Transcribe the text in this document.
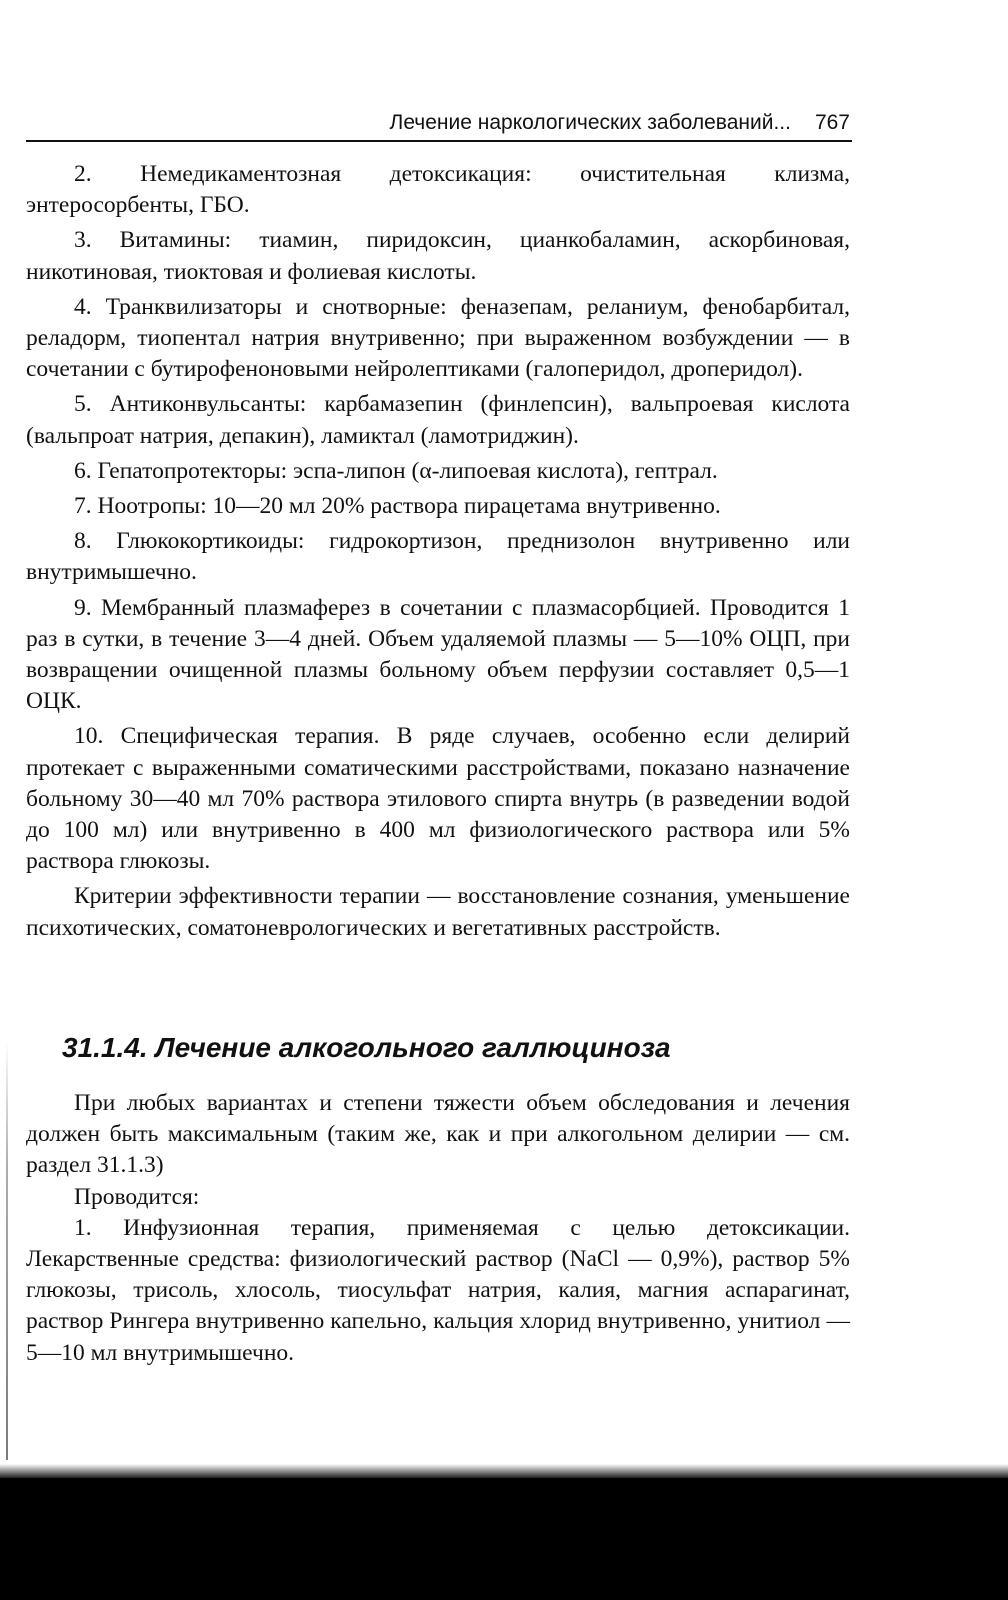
Лечение наркологических заболеваний... 767

2. Немедикаментозная детоксикация: очистительная клизма, энтеросорбенты, ГБО.

3. Витамины: тиамин, пиридоксин, цианкобаламин, аскорбиновая, никотиновая, тиоктовая и фолиевая кислоты.

4. Транквилизаторы и снотворные: феназепам, реланиум, фенобарбитал, реладорм, тиопентал натрия внутривенно; при выраженном возбуждении — в сочетании с бутирофеноновыми нейролептиками (галоперидол, дроперидол).

5. Антиконвульсанты: карбамазепин (финлепсин), вальпроевая кислота (вальпроат натрия, депакин), ламиктал (ламотриджин).

6. Гепатопротекторы: эспа-липон (α-липоевая кислота), гептрал.

7. Ноотропы: 10—20 мл 20% раствора пирацетама внутривенно.

8. Глюкокортикоиды: гидрокортизон, преднизолон внутривенно или внутримышечно.

9. Мембранный плазмаферез в сочетании с плазмасорбцией. Проводится 1 раз в сутки, в течение 3—4 дней. Объем удаляемой плазмы — 5—10% ОЦП, при возвращении очищенной плазмы больному объем перфузии составляет 0,5—1 ОЦК.

10. Специфическая терапия. В ряде случаев, особенно если делирий протекает с выраженными соматическими расстройствами, показано назначение больному 30—40 мл 70% раствора этилового спирта внутрь (в разведении водой до 100 мл) или внутривенно в 400 мл физиологического раствора или 5% раствора глюкозы.

Критерии эффективности терапии — восстановление сознания, уменьшение психотических, соматоневрологических и вегетативных расстройств.

31.1.4. Лечение алкогольного галлюциноза

При любых вариантах и степени тяжести объем обследования и лечения должен быть максимальным (таким же, как и при алкогольном делирии — см. раздел 31.1.3)

Проводится:

1. Инфузионная терапия, применяемая с целью детоксикации. Лекарственные средства: физиологический раствор (NaCl — 0,9%), раствор 5% глюкозы, трисоль, хлосоль, тиосульфат натрия, калия, магния аспарагинат, раствор Рингера внутривенно капельно, кальция хлорид внутривенно, унитиол — 5—10 мл внутримышечно.
